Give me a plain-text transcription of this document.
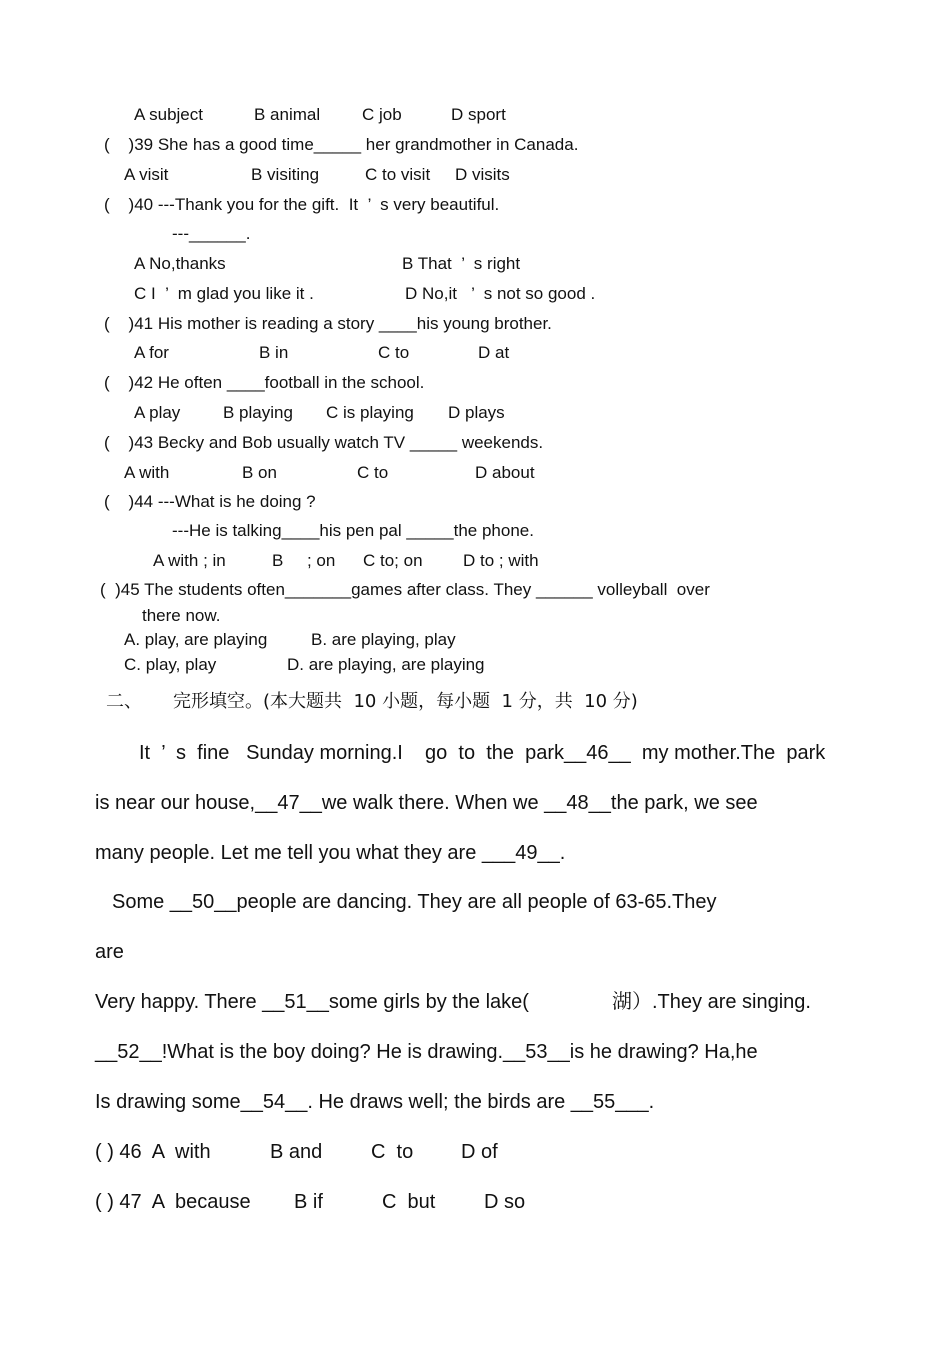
A subject	B animal C job	D sport
(    )39 She has a good time_____ her grandmother in Canada.
A visit	B visiting	C to visit D visits
(    )40 ---Thank you for the gift.  It  ’  s very beautiful.
---______.
A No,thanks	B That  ’  s right
C I  ’  m glad you like it .	D No,it   ’  s not so good .
(    )41 His mother is reading a story ____his young brother.
A for	B in	C to	D at
(    )42 He often ____football in the school.
A play	B playing C is playing D plays
(    )43 Becky and Bob usually watch TV _____ weekends.
A with	B on	C to	D about
(    )44 ---What is he doing ?
---He is talking____his pen pal _____the phone.
A with ; in	B     ; on C to; on D to ; with
(  )45 The students often_______games after class. They ______ volleyball  over
there now.
A. play, are playing	B. are playing, play
C. play, play	D. are playing, are playing
二、 完形填空。(本大题共  10 小题，每小题  1 分，共  10 分)
It  ’  s  fine   Sunday morning.I    go  to  the  park__46__  my mother.The  park
is near our house,__47__we walk there. When we __48__the park, we see
many people. Let me tell you what they are ___49__.
Some __50__people are dancing. They are all people of 63-65.They
are
Very happy. There __51__some girls by the lake(	湖）.They are singing.
__52__!What is the boy doing? He is drawing.__53__is he drawing? Ha,he
Is drawing some__54__. He draws well; the birds are __55___.
( ) 46  A  with	B and C  to D of
( ) 47  A  because B if	C  but D so
